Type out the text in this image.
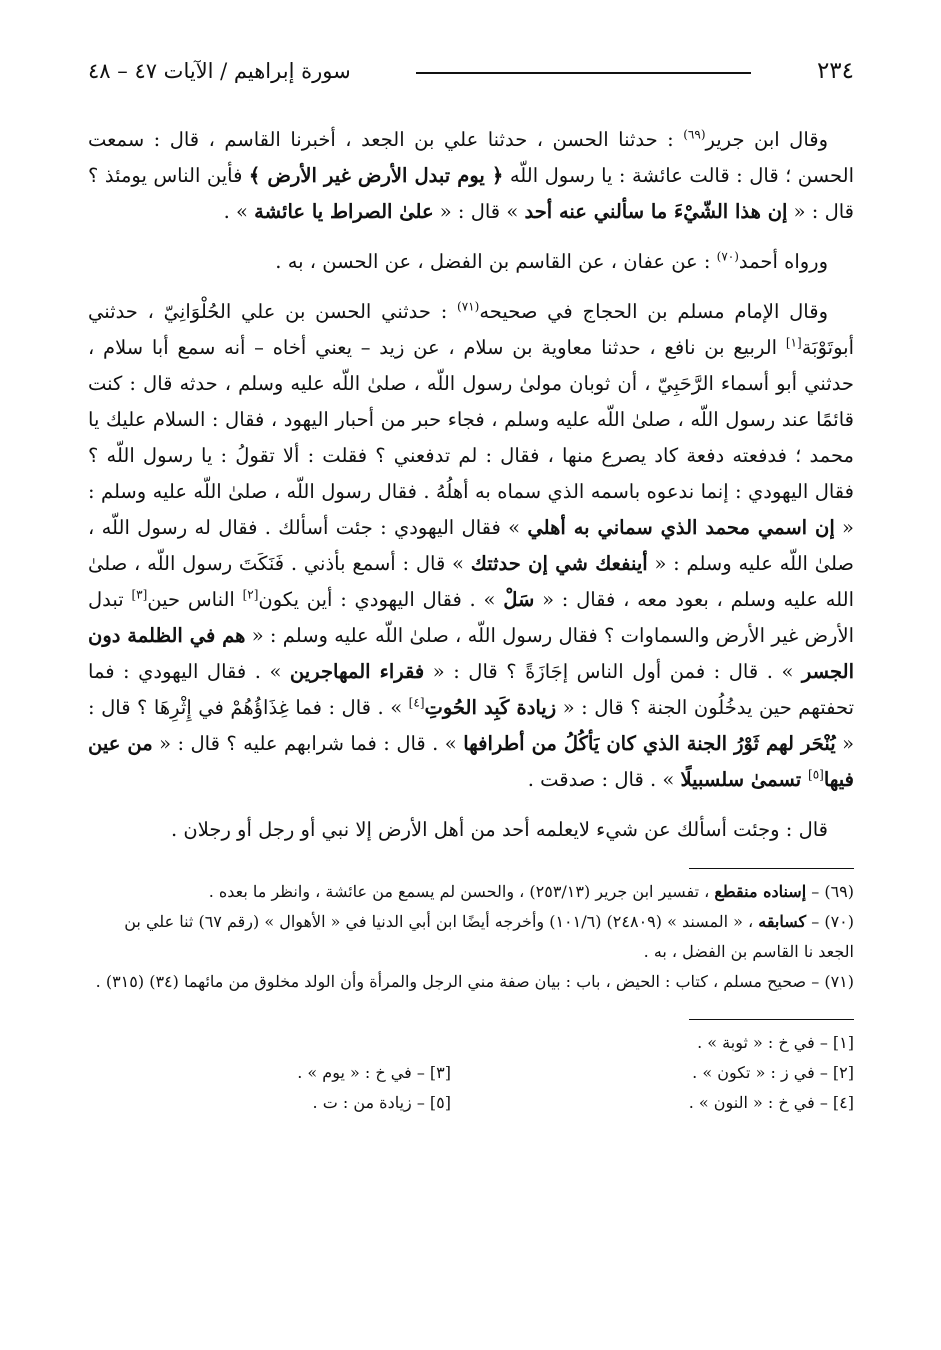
٢٣٤
سورة إبراهيم / الآيات ٤٧ – ٤٨

وقال ابن جرير$^{(٦٩)}$ : حدثنا الحسن ، حدثنا علي بن الجعد ، أخبرنا القاسم ، قال : سمعت الحسن ؛ قال : قالت عائشة : يا رسول اللّه ﴿ يوم تبدل الأرض غير الأرض ﴾ فأين الناس يومئذ ؟ قال : « إن هذا الشّيْءَ ما سألني عنه أحد » قال : « علىٰ الصراط يا عائشة » .

ورواه أحمد$^{(٧٠)}$ : عن عفان ، عن القاسم بن الفضل ، عن الحسن ، به .

وقال الإمام مسلم بن الحجاج في صحيحه$^{(٧١)}$ : حدثني الحسن بن علي الحُلْوَانِيّ ، حدثني أبوتَوْبَة[١] الربيع بن نافع ، حدثنا معاوية بن سلام ، عن زيد – يعني أخاه – أنه سمع أبا سلام ، حدثني أبو أسماء الرَّحَبِيّ ، أن ثوبان مولىٰ رسول اللّه ، صلىٰ اللّه عليه وسلم ، حدثه قال : كنت قائمًا عند رسول اللّه ، صلىٰ اللّه عليه وسلم ، فجاء حبر من أحبار اليهود ، فقال : السلام عليك يا محمد ؛ فدفعته دفعة كاد يصرع منها ، فقال : لم تدفعني ؟ فقلت : ألا تقولُ : يا رسول اللّه ؟ فقال اليهودي : إنما ندعوه باسمه الذي سماه به أهلُهُ . فقال رسول اللّه ، صلىٰ اللّه عليه وسلم : « إن اسمي محمد الذي سماني به أهلي » فقال اليهودي : جئت أسألك . فقال له رسول اللّه ، صلىٰ اللّه عليه وسلم : « أينفعك شي إن حدثتك » قال : أسمع بأذني . فَنَكَتَ رسول اللّه ، صلىٰ الله عليه وسلم ، بعود معه ، فقال : « سَلْ » . فقال اليهودي : أين يكون[٢] الناس حين[٣] تبدل الأرض غير الأرض والسماوات ؟ فقال رسول اللّه ، صلىٰ اللّه عليه وسلم : « هم في الظلمة دون الجسر » . قال : فمن أول الناس إجَازَةً ؟ قال : « فقراء المهاجرين » . فقال اليهودي : فما تحفتهم حين يدخُلُون الجنة ؟ قال : « زيادة كَبِد الحُوتِ[٤] » . قال : فما غِذَاؤُهُمْ في إِثْرِهَا ؟ قال : « يُنْحَر لهم ثَوْرُ الجنة الذي كان يَأكُلُ من أطرافها » . قال : فما شرابهم عليه ؟ قال : « من عين فيها[٥] تسمىٰ سلسبيلًا » . قال : صدقت .

قال : وجئت أسألك عن شيء لايعلمه أحد من أهل الأرض إلا نبي أو رجل أو رجلان .

(٦٩) – إسناده منقطع ، تفسير ابن جرير (٢٥٣/١٣) ، والحسن لم يسمع من عائشة ، وانظر ما بعده .
(٧٠) – كسابقه ، « المسند » (٢٤٨٠٩) (١٠١/٦) وأخرجه أيضًا ابن أبي الدنيا في « الأهوال » (رقم ٦٧) ثنا علي بن الجعد نا القاسم بن الفضل ، به .
(٧١) – صحيح مسلم ، كتاب : الحيض ، باب : بيان صفة مني الرجل والمرأة وأن الولد مخلوق من مائهما (٣٤) (٣١٥) .
[١] – في خ : « ثوبة » .
[٢] – في ز : « تكون » .
[٣] – في خ : « يوم » .
[٤] – في خ : « النون » .
[٥] – زيادة من : ت .
